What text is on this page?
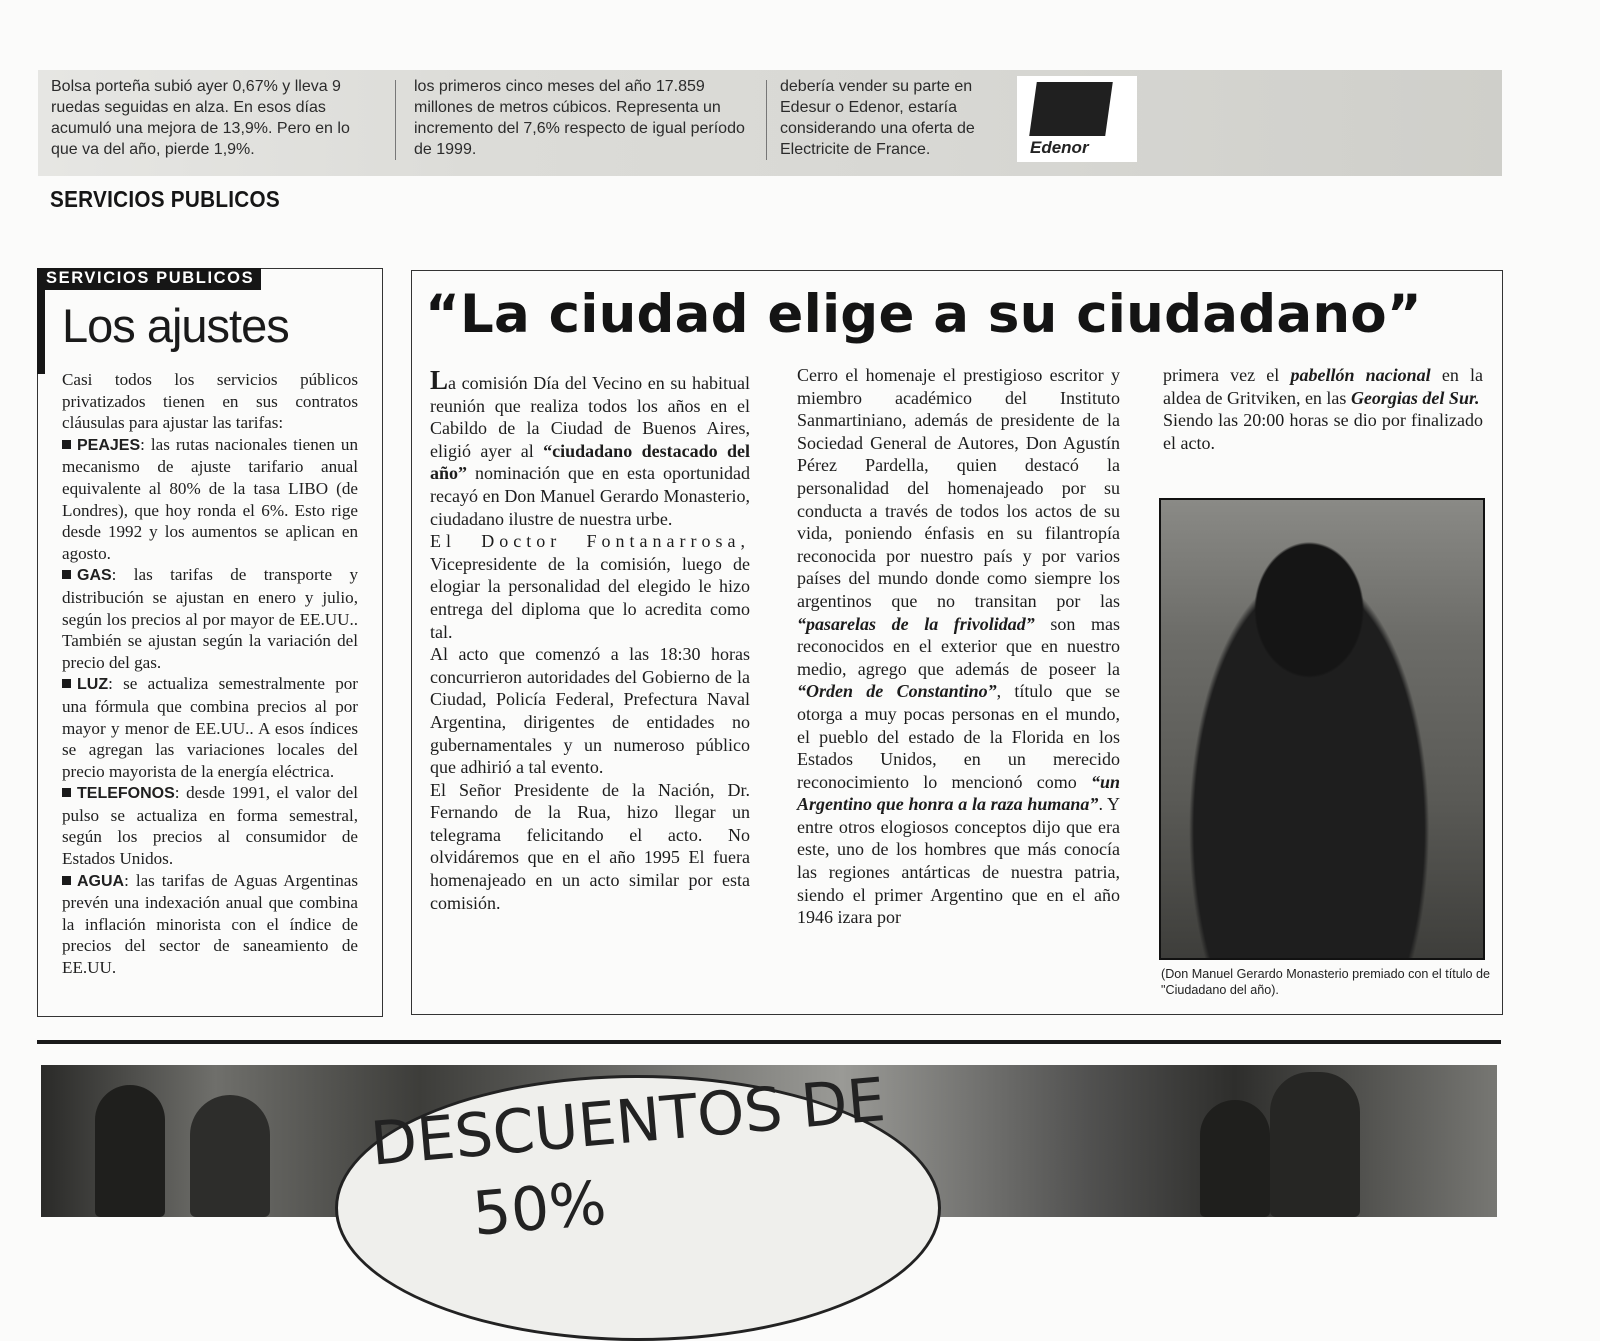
Bolsa porteña subió ayer 0,67% y lleva 9 ruedas seguidas en alza. En esos días acumuló una mejora de 13,9%. Pero en lo que va del año, pierde 1,9%.
los primeros cinco meses del año 17.859 millones de metros cúbicos. Representa un incremento del 7,6% respecto de igual período de 1999.
debería vender su parte en Edesur o Edenor, estaría considerando una oferta de Electricite de France.	Edenor
SERVICIOS PUBLICOS
SERVICIOS PUBLICOS
Los ajustes

Casi todos los servicios públicos privatizados tienen en sus contratos cláusulas para ajustar las tarifas:

PEAJES: las rutas nacionales tienen un mecanismo de ajuste tarifario anual equivalente al 80% de la tasa LIBO (de Londres), que hoy ronda el 6%. Esto rige desde 1992 y los aumentos se aplican en agosto.

GAS: las tarifas de transporte y distribución se ajustan en enero y julio, según los precios al por mayor de EE.UU.. También se ajustan según la variación del precio del gas.

LUZ: se actualiza semestralmente por una fórmula que combina precios al por mayor y menor de EE.UU.. A esos índices se agregan las variaciones locales del precio mayorista de la energía eléctrica.

TELEFONOS: desde 1991, el valor del pulso se actualiza en forma semestral, según los precios al consumidor de Estados Unidos.

AGUA: las tarifas de Aguas Argentinas prevén una indexación anual que combina la inflación minorista con el índice de precios del sector de saneamiento de EE.UU.

“La ciudad elige a su ciudadano”

La comisión Día del Vecino en su habitual reunión que realiza todos los años en el Cabildo de la Ciudad de Buenos Aires, eligió ayer al “ciudadano destacado del año” nominación que en esta oportunidad recayó en Don Manuel Gerardo Monasterio, ciudadano ilustre de nuestra urbe.

El Doctor Fontanarrosa, Vicepresidente de la comisión, luego de elogiar la personalidad del elegido le hizo entrega del diploma que lo acredita como tal.

Al acto que comenzó a las 18:30 horas concurrieron autoridades del Gobierno de la Ciudad, Policía Federal, Prefectura Naval Argentina, dirigentes de entidades no gubernamentales y un numeroso público que adhirió a tal evento.

El Señor Presidente de la Nación, Dr. Fernando de la Rua, hizo llegar un telegrama felicitando el acto. No olvidáremos que en el año 1995 El fuera homenajeado en un acto similar por esta comisión.

Cerro el homenaje el prestigioso escritor y miembro académico del Instituto Sanmartiniano, además de presidente de la Sociedad General de Autores, Don Agustín Pérez Pardella, quien destacó la personalidad del homenajeado por su conducta a través de todos los actos de su vida, poniendo énfasis en su filantropía reconocida por nuestro país y por varios países del mundo donde como siempre los argentinos que no transitan por las “pasarelas de la frivolidad” son mas reconocidos en el exterior que en nuestro medio, agrego que además de poseer la “Orden de Constantino”, título que se otorga a muy pocas personas en el mundo, el pueblo del estado de la Florida en los Estados Unidos, en un merecido reconocimiento lo mencionó como “un Argentino que honra a la raza humana”. Y entre otros elogiosos conceptos dijo que era este, uno de los hombres que más conocía las regiones antárticas de nuestra patria, siendo el primer Argentino que en el año 1946 izara por

primera vez el pabellón nacional en la aldea de Gritviken, en las Georgias del Sur.

Siendo las 20:00 horas se dio por finalizado el acto.

(Don Manuel Gerardo Monasterio premiado con el título de "Ciudadano del año).
DESCUENTOS DE
50%
